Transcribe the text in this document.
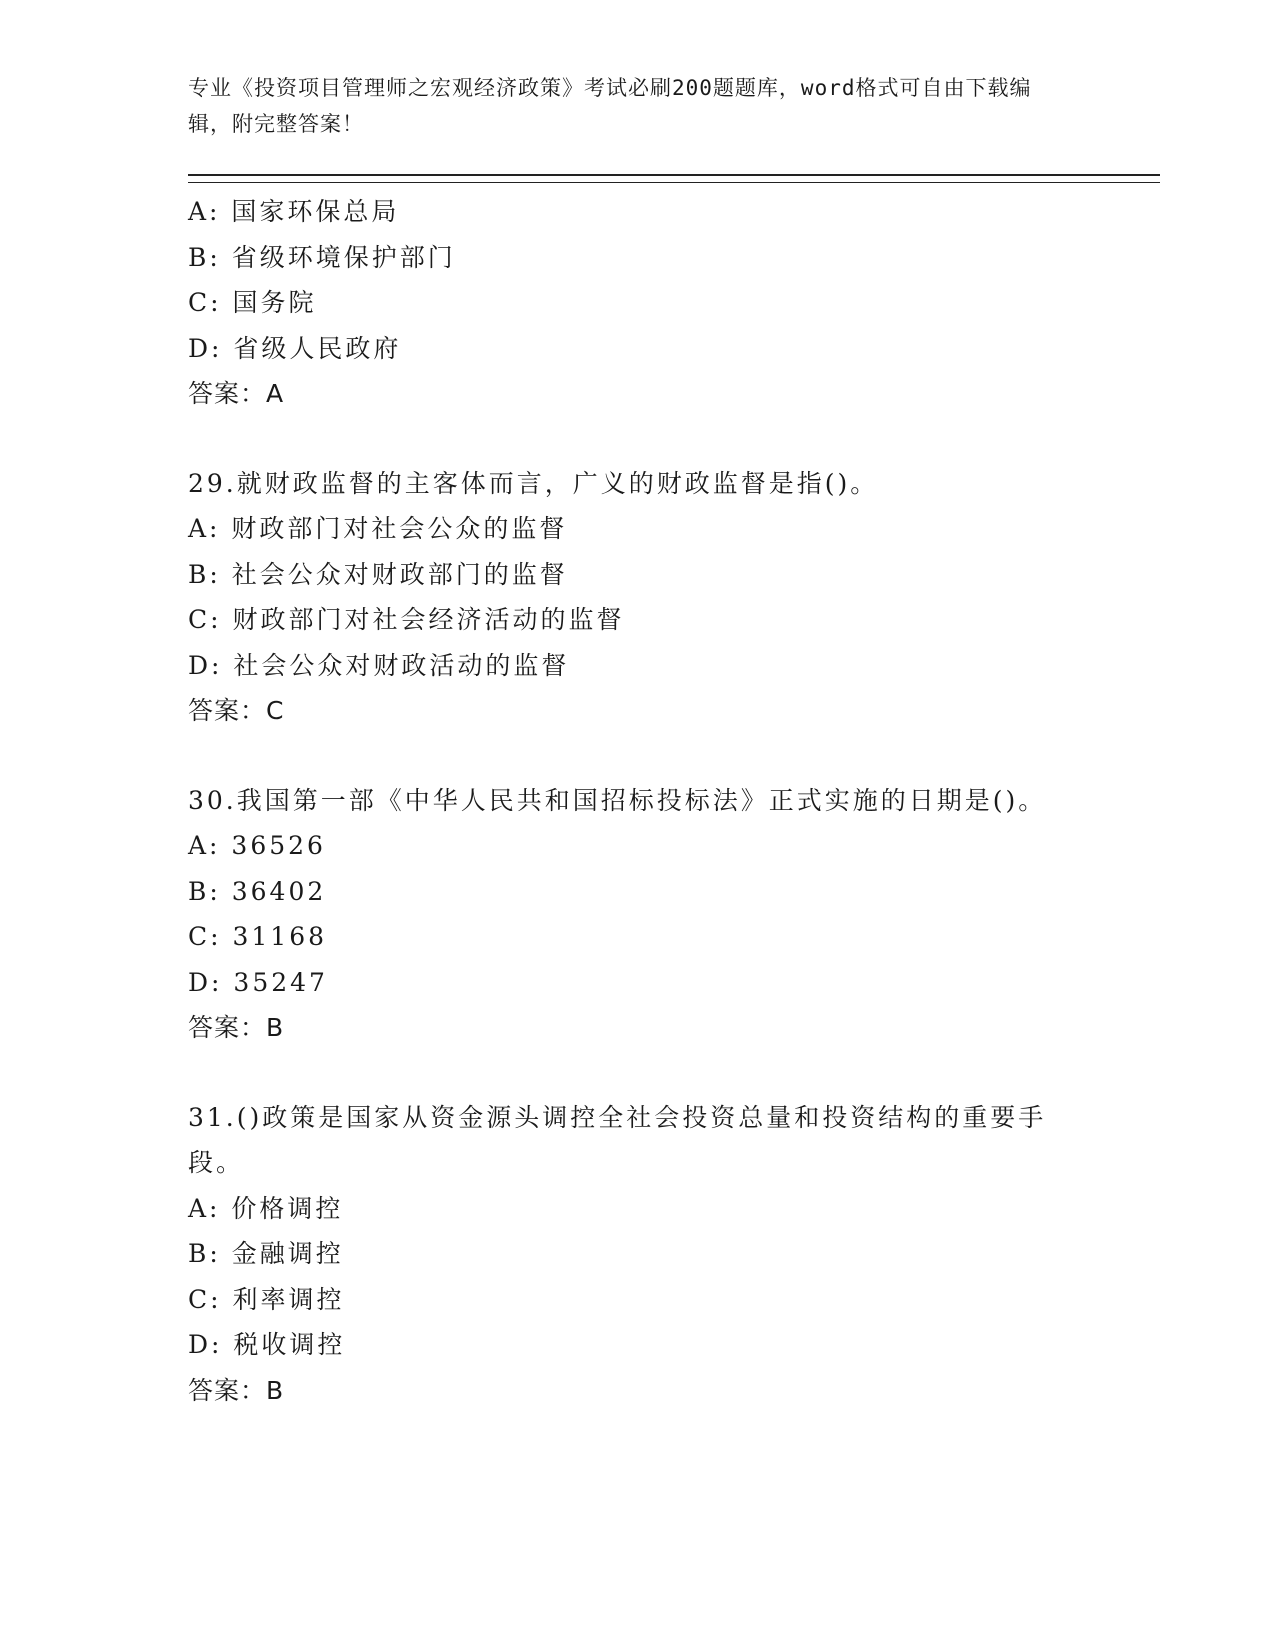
专业《投资项目管理师之宏观经济政策》考试必刷200题题库，word格式可自由下载编辑，附完整答案！

A: 国家环保总局
B: 省级环境保护部门
C: 国务院
D: 省级人民政府
答案：A
29.就财政监督的主客体而言，广义的财政监督是指()。
A: 财政部门对社会公众的监督
B: 社会公众对财政部门的监督
C: 财政部门对社会经济活动的监督
D: 社会公众对财政活动的监督
答案：C
30.我国第一部《中华人民共和国招标投标法》正式实施的日期是()。
A: 36526
B: 36402
C: 31168
D: 35247
答案：B
31.()政策是国家从资金源头调控全社会投资总量和投资结构的重要手段。
A: 价格调控
B: 金融调控
C: 利率调控
D: 税收调控
答案：B
